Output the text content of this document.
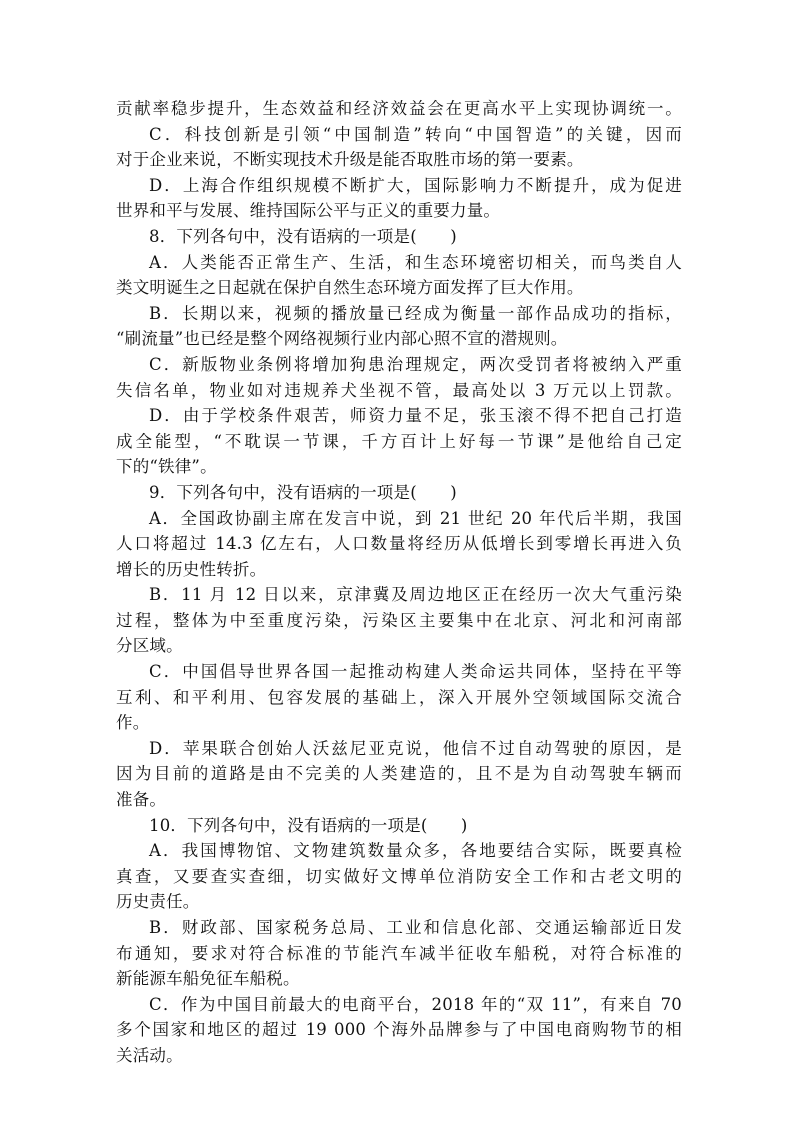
贡献率稳步提升，生态效益和经济效益会在更高水平上实现协调统一。
C．科技创新是引领“中国制造”转向“中国智造”的关键，因而
对于企业来说，不断实现技术升级是能否取胜市场的第一要素。
D．上海合作组织规模不断扩大，国际影响力不断提升，成为促进
世界和平与发展、维持国际公平与正义的重要力量。
8．下列各句中，没有语病的一项是(　　)
A．人类能否正常生产、生活，和生态环境密切相关，而鸟类自人
类文明诞生之日起就在保护自然生态环境方面发挥了巨大作用。
B．长期以来，视频的播放量已经成为衡量一部作品成功的指标，
“刷流量”也已经是整个网络视频行业内部心照不宣的潜规则。
C．新版物业条例将增加狗患治理规定，两次受罚者将被纳入严重
失信名单，物业如对违规养犬坐视不管，最高处以 3 万元以上罚款。
D．由于学校条件艰苦，师资力量不足，张玉滚不得不把自己打造
成全能型，“不耽误一节课，千方百计上好每一节课”是他给自己定
下的“铁律”。
9．下列各句中，没有语病的一项是(　　)
A．全国政协副主席在发言中说，到 21 世纪 20 年代后半期，我国
人口将超过 14.3 亿左右，人口数量将经历从低增长到零增长再进入负
增长的历史性转折。
B．11 月 12 日以来，京津冀及周边地区正在经历一次大气重污染
过程，整体为中至重度污染，污染区主要集中在北京、河北和河南部
分区域。
C．中国倡导世界各国一起推动构建人类命运共同体，坚持在平等
互利、和平利用、包容发展的基础上，深入开展外空领域国际交流合
作。
D．苹果联合创始人沃兹尼亚克说，他信不过自动驾驶的原因，是
因为目前的道路是由不完美的人类建造的，且不是为自动驾驶车辆而
准备。
10．下列各句中，没有语病的一项是(　　)
A．我国博物馆、文物建筑数量众多，各地要结合实际，既要真检
真查，又要查实查细，切实做好文博单位消防安全工作和古老文明的
历史责任。
B．财政部、国家税务总局、工业和信息化部、交通运输部近日发
布通知，要求对符合标准的节能汽车减半征收车船税，对符合标准的
新能源车船免征车船税。
C．作为中国目前最大的电商平台，2018 年的“双 11”，有来自 70
多个国家和地区的超过 19 000 个海外品牌参与了中国电商购物节的相
关活动。
